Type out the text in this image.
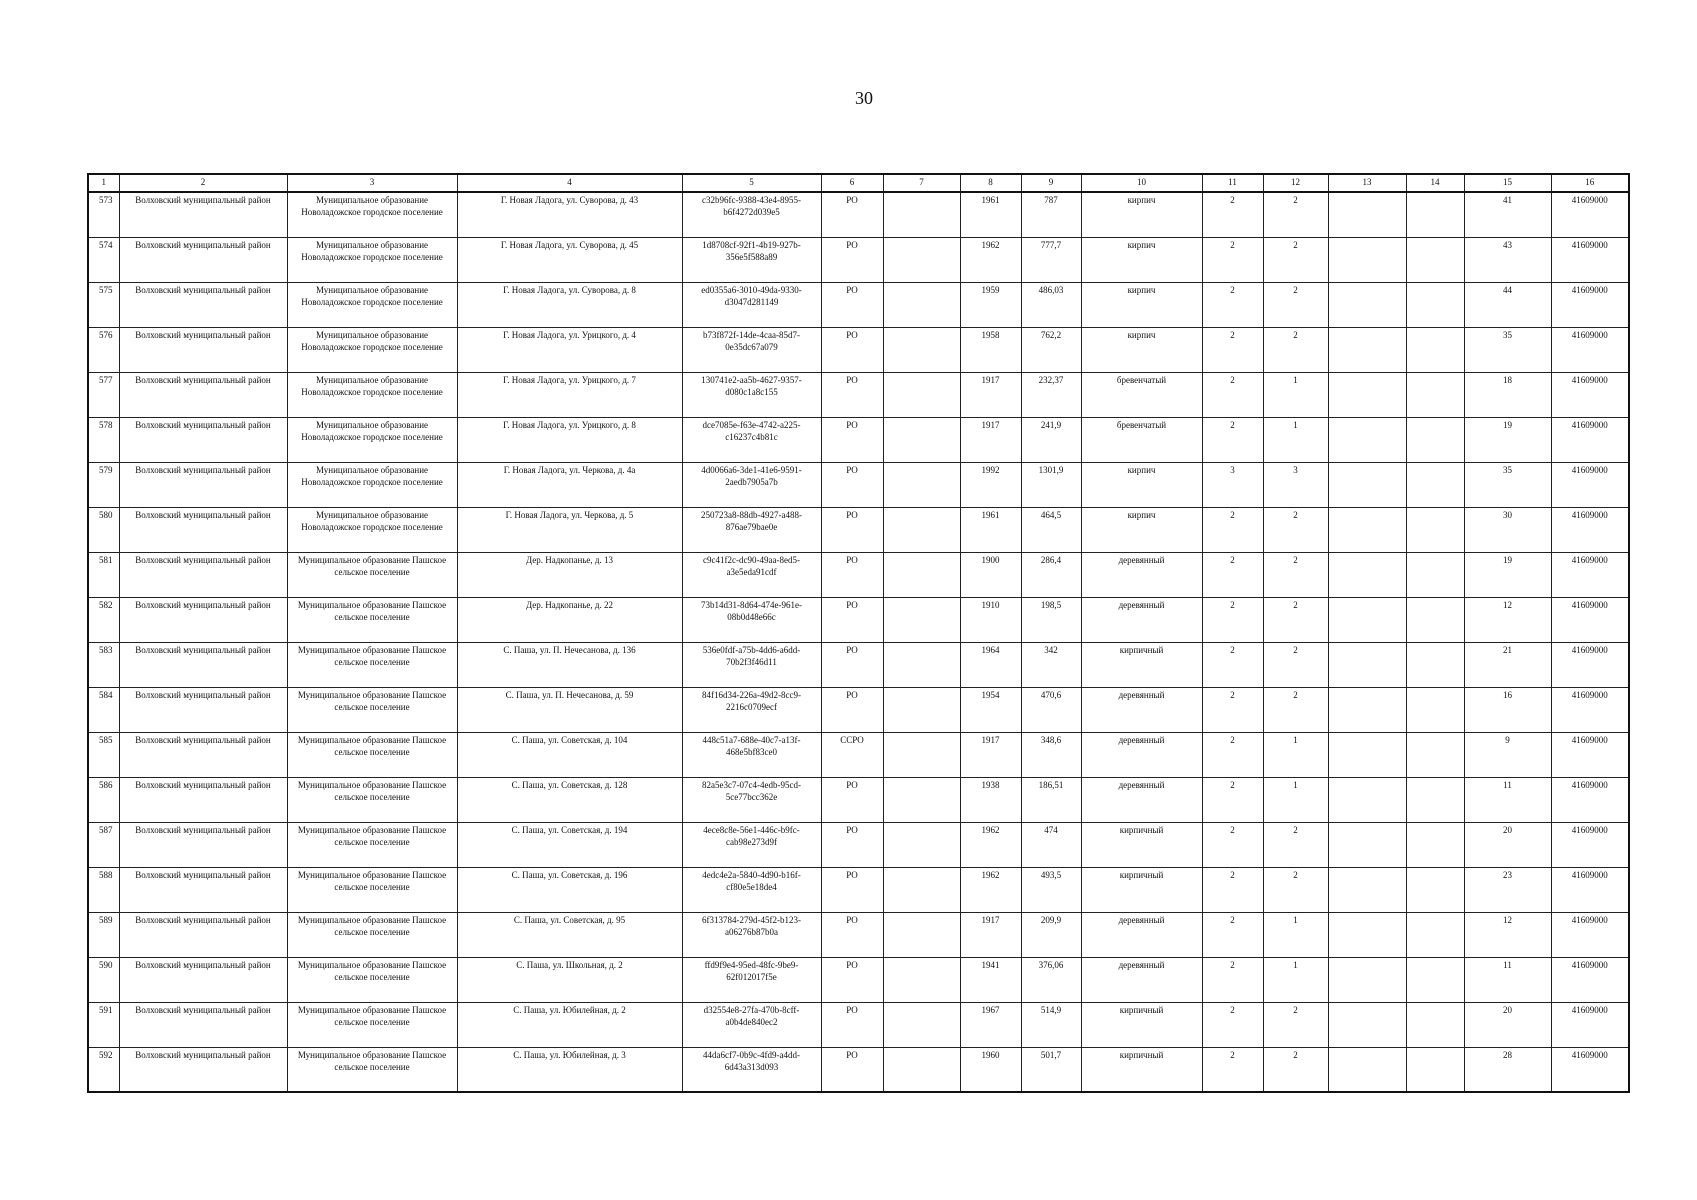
30
1	2	3	4	5	6	7	8	9	10	11	12	13	14	15	16
573	Волховский муниципальный район	Муниципальное образование Новоладожское городское поселение	Г. Новая Ладога, ул. Суворова, д. 43	c32b96fc-9388-43e4-8955-b6f4272d039e5	РО		1961	787	кирпич	2	2			41	41609000
574	Волховский муниципальный район	Муниципальное образование Новоладожское городское поселение	Г. Новая Ладога, ул. Суворова, д. 45	1d8708cf-92f1-4b19-927b-356e5f588a89	РО		1962	777,7	кирпич	2	2			43	41609000
575	Волховский муниципальный район	Муниципальное образование Новоладожское городское поселение	Г. Новая Ладога, ул. Суворова, д. 8	ed0355a6-3010-49da-9330-d3047d281149	РО		1959	486,03	кирпич	2	2			44	41609000
576	Волховский муниципальный район	Муниципальное образование Новоладожское городское поселение	Г. Новая Ладога, ул. Урицкого, д. 4	b73f872f-14de-4caa-85d7-0e35dc67a079	РО		1958	762,2	кирпич	2	2			35	41609000
577	Волховский муниципальный район	Муниципальное образование Новоладожское городское поселение	Г. Новая Ладога, ул. Урицкого, д. 7	130741e2-aa5b-4627-9357-d080c1a8c155	РО		1917	232,37	бревенчатый	2	1			18	41609000
578	Волховский муниципальный район	Муниципальное образование Новоладожское городское поселение	Г. Новая Ладога, ул. Урицкого, д. 8	dce7085e-f63e-4742-a225-c16237c4b81c	РО		1917	241,9	бревенчатый	2	1			19	41609000
579	Волховский муниципальный район	Муниципальное образование Новоладожское городское поселение	Г. Новая Ладога, ул. Черкова, д. 4а	4d0066a6-3de1-41e6-9591-2aedb7905a7b	РО		1992	1301,9	кирпич	3	3			35	41609000
580	Волховский муниципальный район	Муниципальное образование Новоладожское городское поселение	Г. Новая Ладога, ул. Черкова, д. 5	250723a8-88db-4927-a488-876ae79bae0e	РО		1961	464,5	кирпич	2	2			30	41609000
581	Волховский муниципальный район	Муниципальное образование Пашское сельское поселение	Дер. Надкопанье, д. 13	c9c41f2c-dc90-49aa-8ed5-a3e5eda91cdf	РО		1900	286,4	деревянный	2	2			19	41609000
582	Волховский муниципальный район	Муниципальное образование Пашское сельское поселение	Дер. Надкопанье, д. 22	73b14d31-8d64-474e-961e-08b0d48e66c	РО		1910	198,5	деревянный	2	2			12	41609000
583	Волховский муниципальный район	Муниципальное образование Пашское сельское поселение	С. Паша, ул. П. Нечесанова, д. 136	536e0fdf-a75b-4dd6-a6dd-70b2f3f46d11	РО		1964	342	кирпичный	2	2			21	41609000
584	Волховский муниципальный район	Муниципальное образование Пашское сельское поселение	С. Паша, ул. П. Нечесанова, д. 59	84f16d34-226a-49d2-8cc9-2216c0709ecf	РО		1954	470,6	деревянный	2	2			16	41609000
585	Волховский муниципальный район	Муниципальное образование Пашское сельское поселение	С. Паша, ул. Советская, д. 104	448c51a7-688e-40c7-a13f-468e5bf83ce0	ССРО		1917	348,6	деревянный	2	1			9	41609000
586	Волховский муниципальный район	Муниципальное образование Пашское сельское поселение	С. Паша, ул. Советская, д. 128	82a5e3c7-07c4-4edb-95cd-5ce77bcc362e	РО		1938	186,51	деревянный	2	1			11	41609000
587	Волховский муниципальный район	Муниципальное образование Пашское сельское поселение	С. Паша, ул. Советская, д. 194	4ece8c8e-56e1-446c-b9fc-cab98e273d9f	РО		1962	474	кирпичный	2	2			20	41609000
588	Волховский муниципальный район	Муниципальное образование Пашское сельское поселение	С. Паша, ул. Советская, д. 196	4edc4e2a-5840-4d90-b16f-cf80e5e18de4	РО		1962	493,5	кирпичный	2	2			23	41609000
589	Волховский муниципальный район	Муниципальное образование Пашское сельское поселение	С. Паша, ул. Советская, д. 95	6f313784-279d-45f2-b123-a06276b87b0a	РО		1917	209,9	деревянный	2	1			12	41609000
590	Волховский муниципальный район	Муниципальное образование Пашское сельское поселение	С. Паша, ул. Школьная, д. 2	ffd9f9e4-95ed-48fc-9be9-62f012017f5e	РО		1941	376,06	деревянный	2	1			11	41609000
591	Волховский муниципальный район	Муниципальное образование Пашское сельское поселение	С. Паша, ул. Юбилейная, д. 2	d32554e8-27fa-470b-8cff-a0b4de840ec2	РО		1967	514,9	кирпичный	2	2			20	41609000
592	Волховский муниципальный район	Муниципальное образование Пашское сельское поселение	С. Паша, ул. Юбилейная, д. 3	44da6cf7-0b9c-4fd9-a4dd-6d43a313d093	РО		1960	501,7	кирпичный	2	2			28	41609000
